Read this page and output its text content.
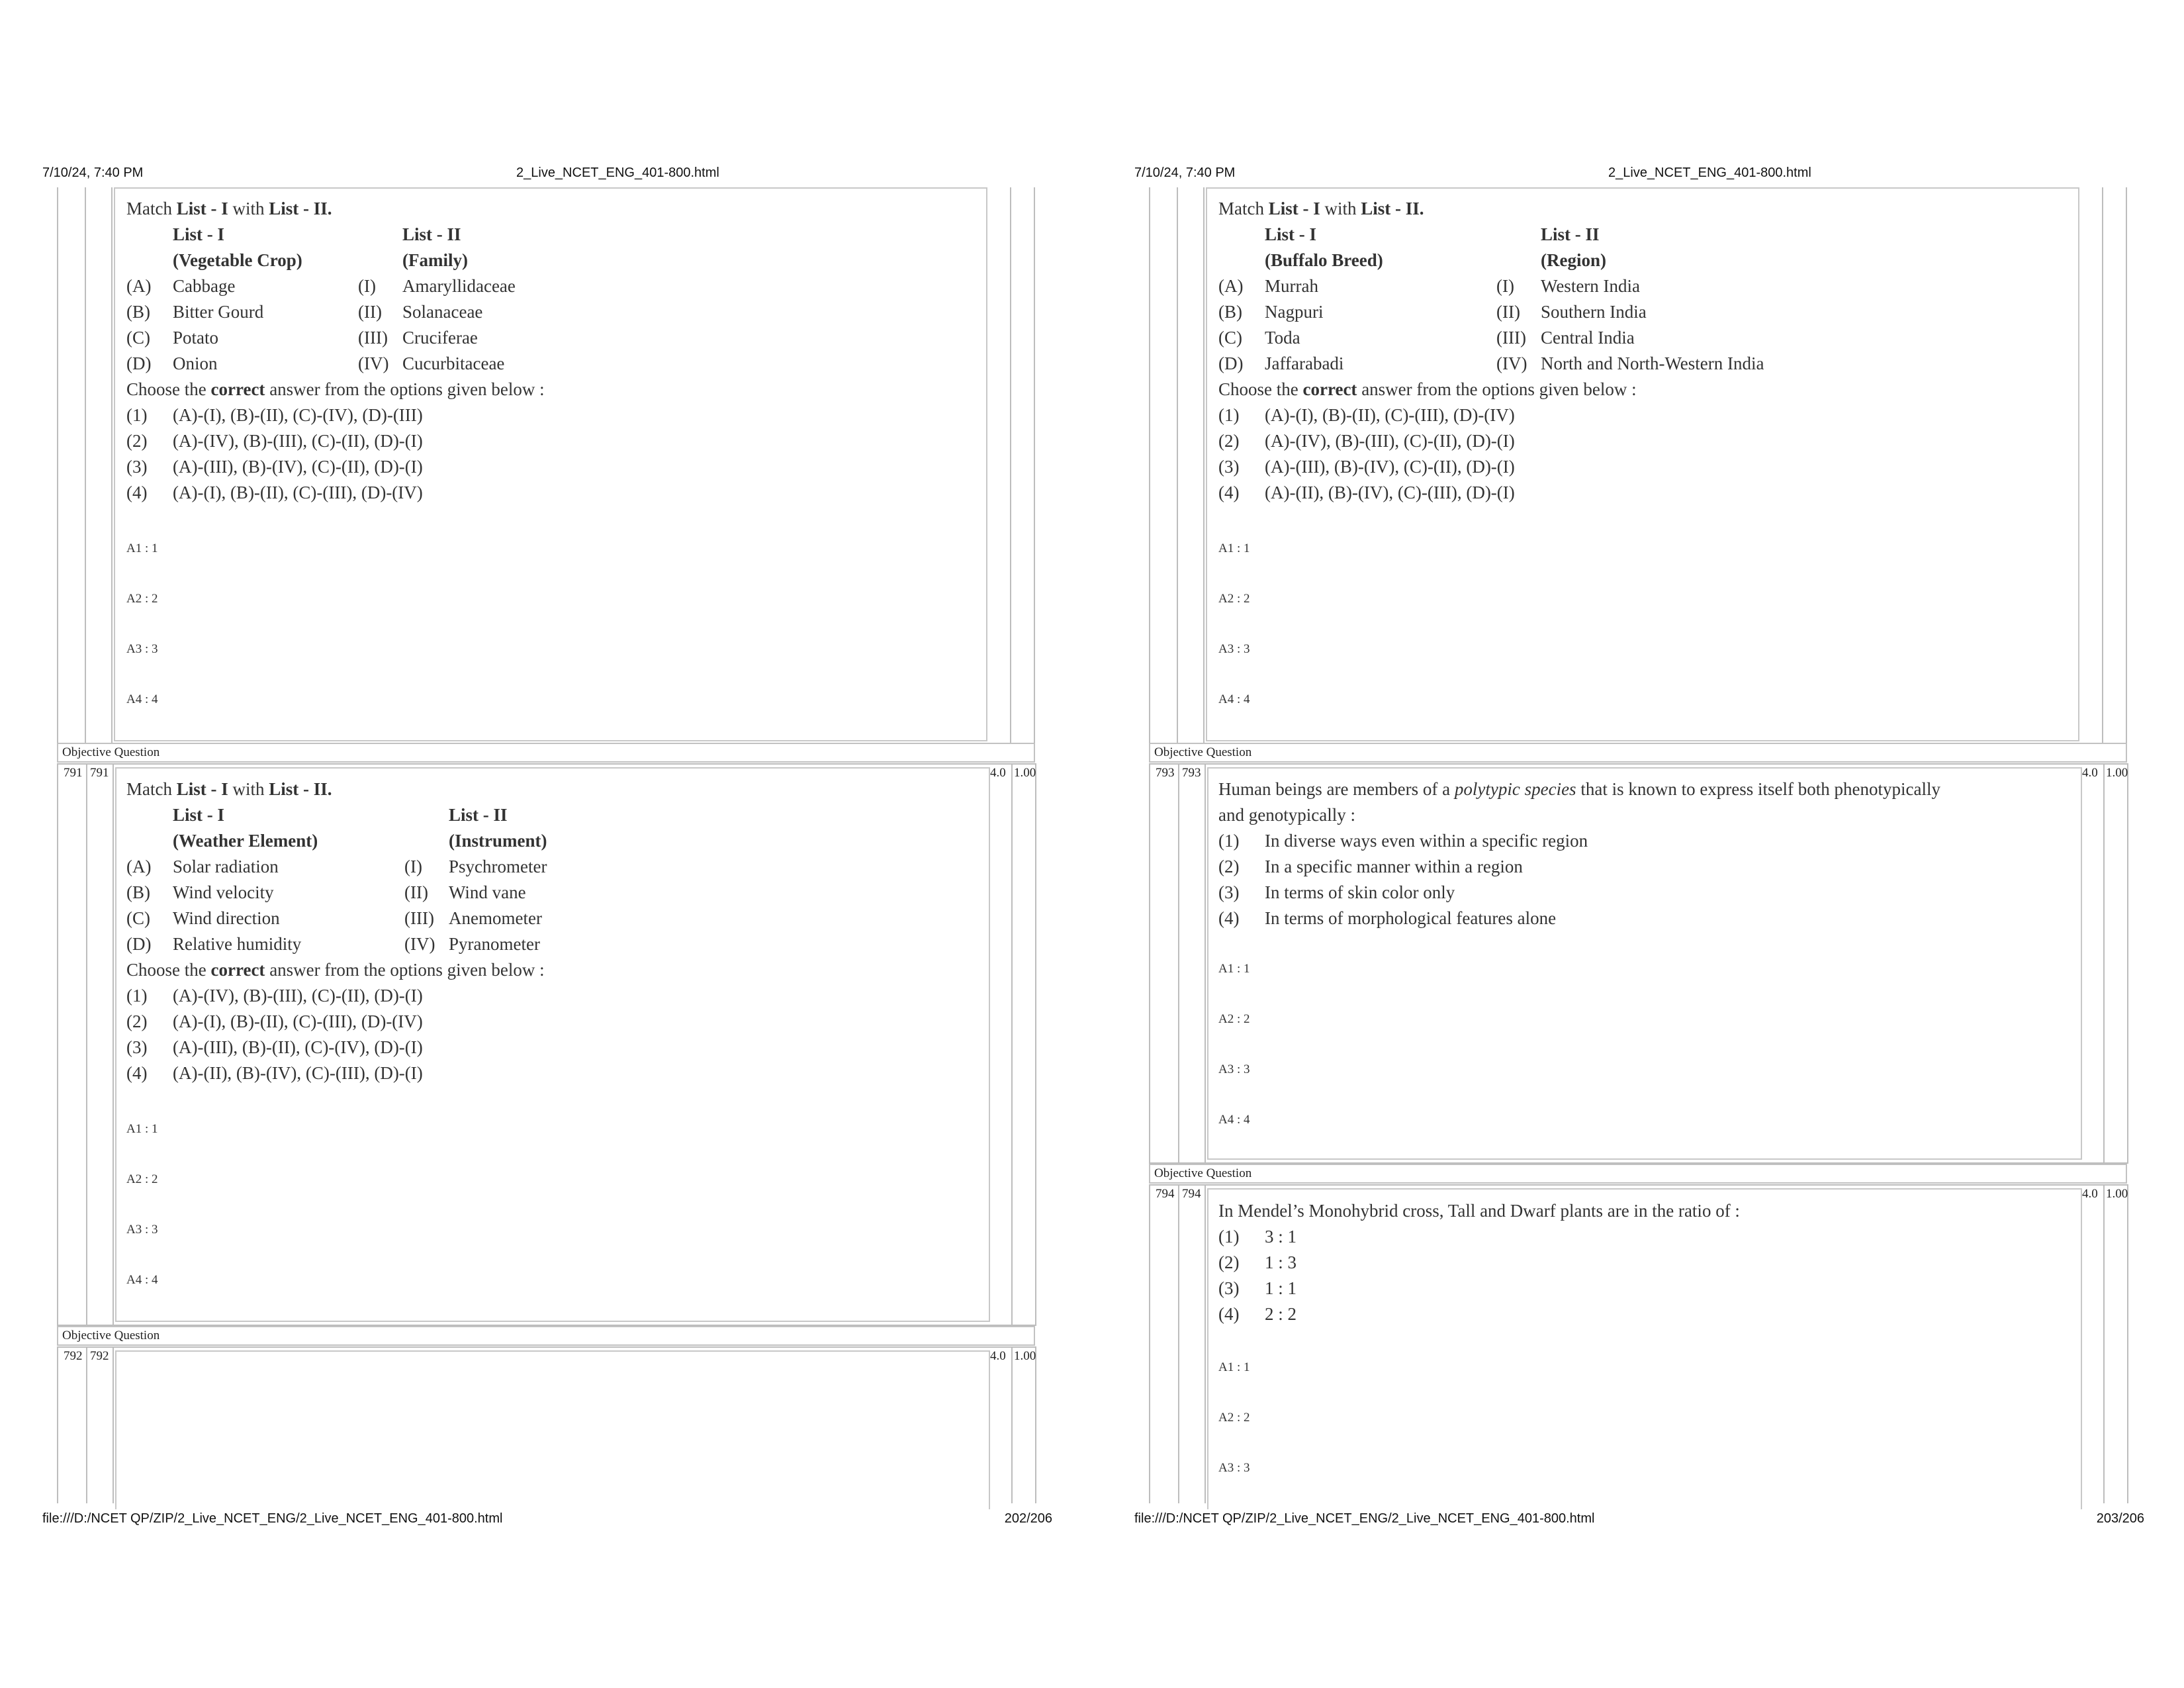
7/10/24, 7:40 PM	2_Live_NCET_ENG_401-800.html
Objective Question
791 791	4.0 1.00
Objective Question
792 792	4.0 1.00
Match List - I with List - II.
List - I	List - II
(Vegetable Crop)	(Family)
(A)	Cabbage	(I)	Amaryllidaceae
(B)	Bitter Gourd	(II)	Solanaceae
(C)	Potato	(III) Cruciferae
(D)	Onion	(IV) Cucurbitaceae
Choose the correct answer from the options given below :
(1)	(A)-(I), (B)-(II), (C)-(IV), (D)-(III)
(2)	(A)-(IV), (B)-(III), (C)-(II), (D)-(I)
(3)	(A)-(III), (B)-(IV), (C)-(II), (D)-(I)
(4)	(A)-(I), (B)-(II), (C)-(III), (D)-(IV)
A1 : 1
A2 : 2
A3 : 3
A4 : 4
Match List - I with List - II.
List - I	List - II
(Weather Element)	(Instrument)
(A)	Solar radiation	(I)	Psychrometer
(B)	Wind velocity	(II)	Wind vane
(C)	Wind direction	(III) Anemometer
(D)	Relative humidity	(IV) Pyranometer
Choose the correct answer from the options given below :
(1)	(A)-(IV), (B)-(III), (C)-(II), (D)-(I)
(2)	(A)-(I), (B)-(II), (C)-(III), (D)-(IV)
(3)	(A)-(III), (B)-(II), (C)-(IV), (D)-(I)
(4)	(A)-(II), (B)-(IV), (C)-(III), (D)-(I)
A1 : 1
A2 : 2
A3 : 3
A4 : 4
file:///D:/NCET QP/ZIP/2_Live_NCET_ENG/2_Live_NCET_ENG_401-800.html	202/206
7/10/24, 7:40 PM	2_Live_NCET_ENG_401-800.html
Objective Question
793 793	4.0 1.00
Objective Question
794 794	4.0 1.00
Match List - I with List - II.
List - I	List - II
(Buffalo Breed)	(Region)
(A)	Murrah	(I)	Western India
(B)	Nagpuri	(II)	Southern India
(C)	Toda	(III) Central India
(D)	Jaffarabadi	(IV) North and North-Western India
Choose the correct answer from the options given below :
(1)	(A)-(I), (B)-(II), (C)-(III), (D)-(IV)
(2)	(A)-(IV), (B)-(III), (C)-(II), (D)-(I)
(3)	(A)-(III), (B)-(IV), (C)-(II), (D)-(I)
(4)	(A)-(II), (B)-(IV), (C)-(III), (D)-(I)
A1 : 1
A2 : 2
A3 : 3
A4 : 4
Human beings are members of a polytypic species that is known to express itself both phenotypically
and genotypically :
(1)	In diverse ways even within a specific region
(2)	In a specific manner within a region
(3)	In terms of skin color only
(4)	In terms of morphological features alone
A1 : 1
A2 : 2
A3 : 3
A4 : 4
In Mendel’s Monohybrid cross, Tall and Dwarf plants are in the ratio of :
(1)	3 : 1
(2)	1 : 3
(3)	1 : 1
(4)	2 : 2
A1 : 1
A2 : 2
A3 : 3
file:///D:/NCET QP/ZIP/2_Live_NCET_ENG/2_Live_NCET_ENG_401-800.html	203/206
